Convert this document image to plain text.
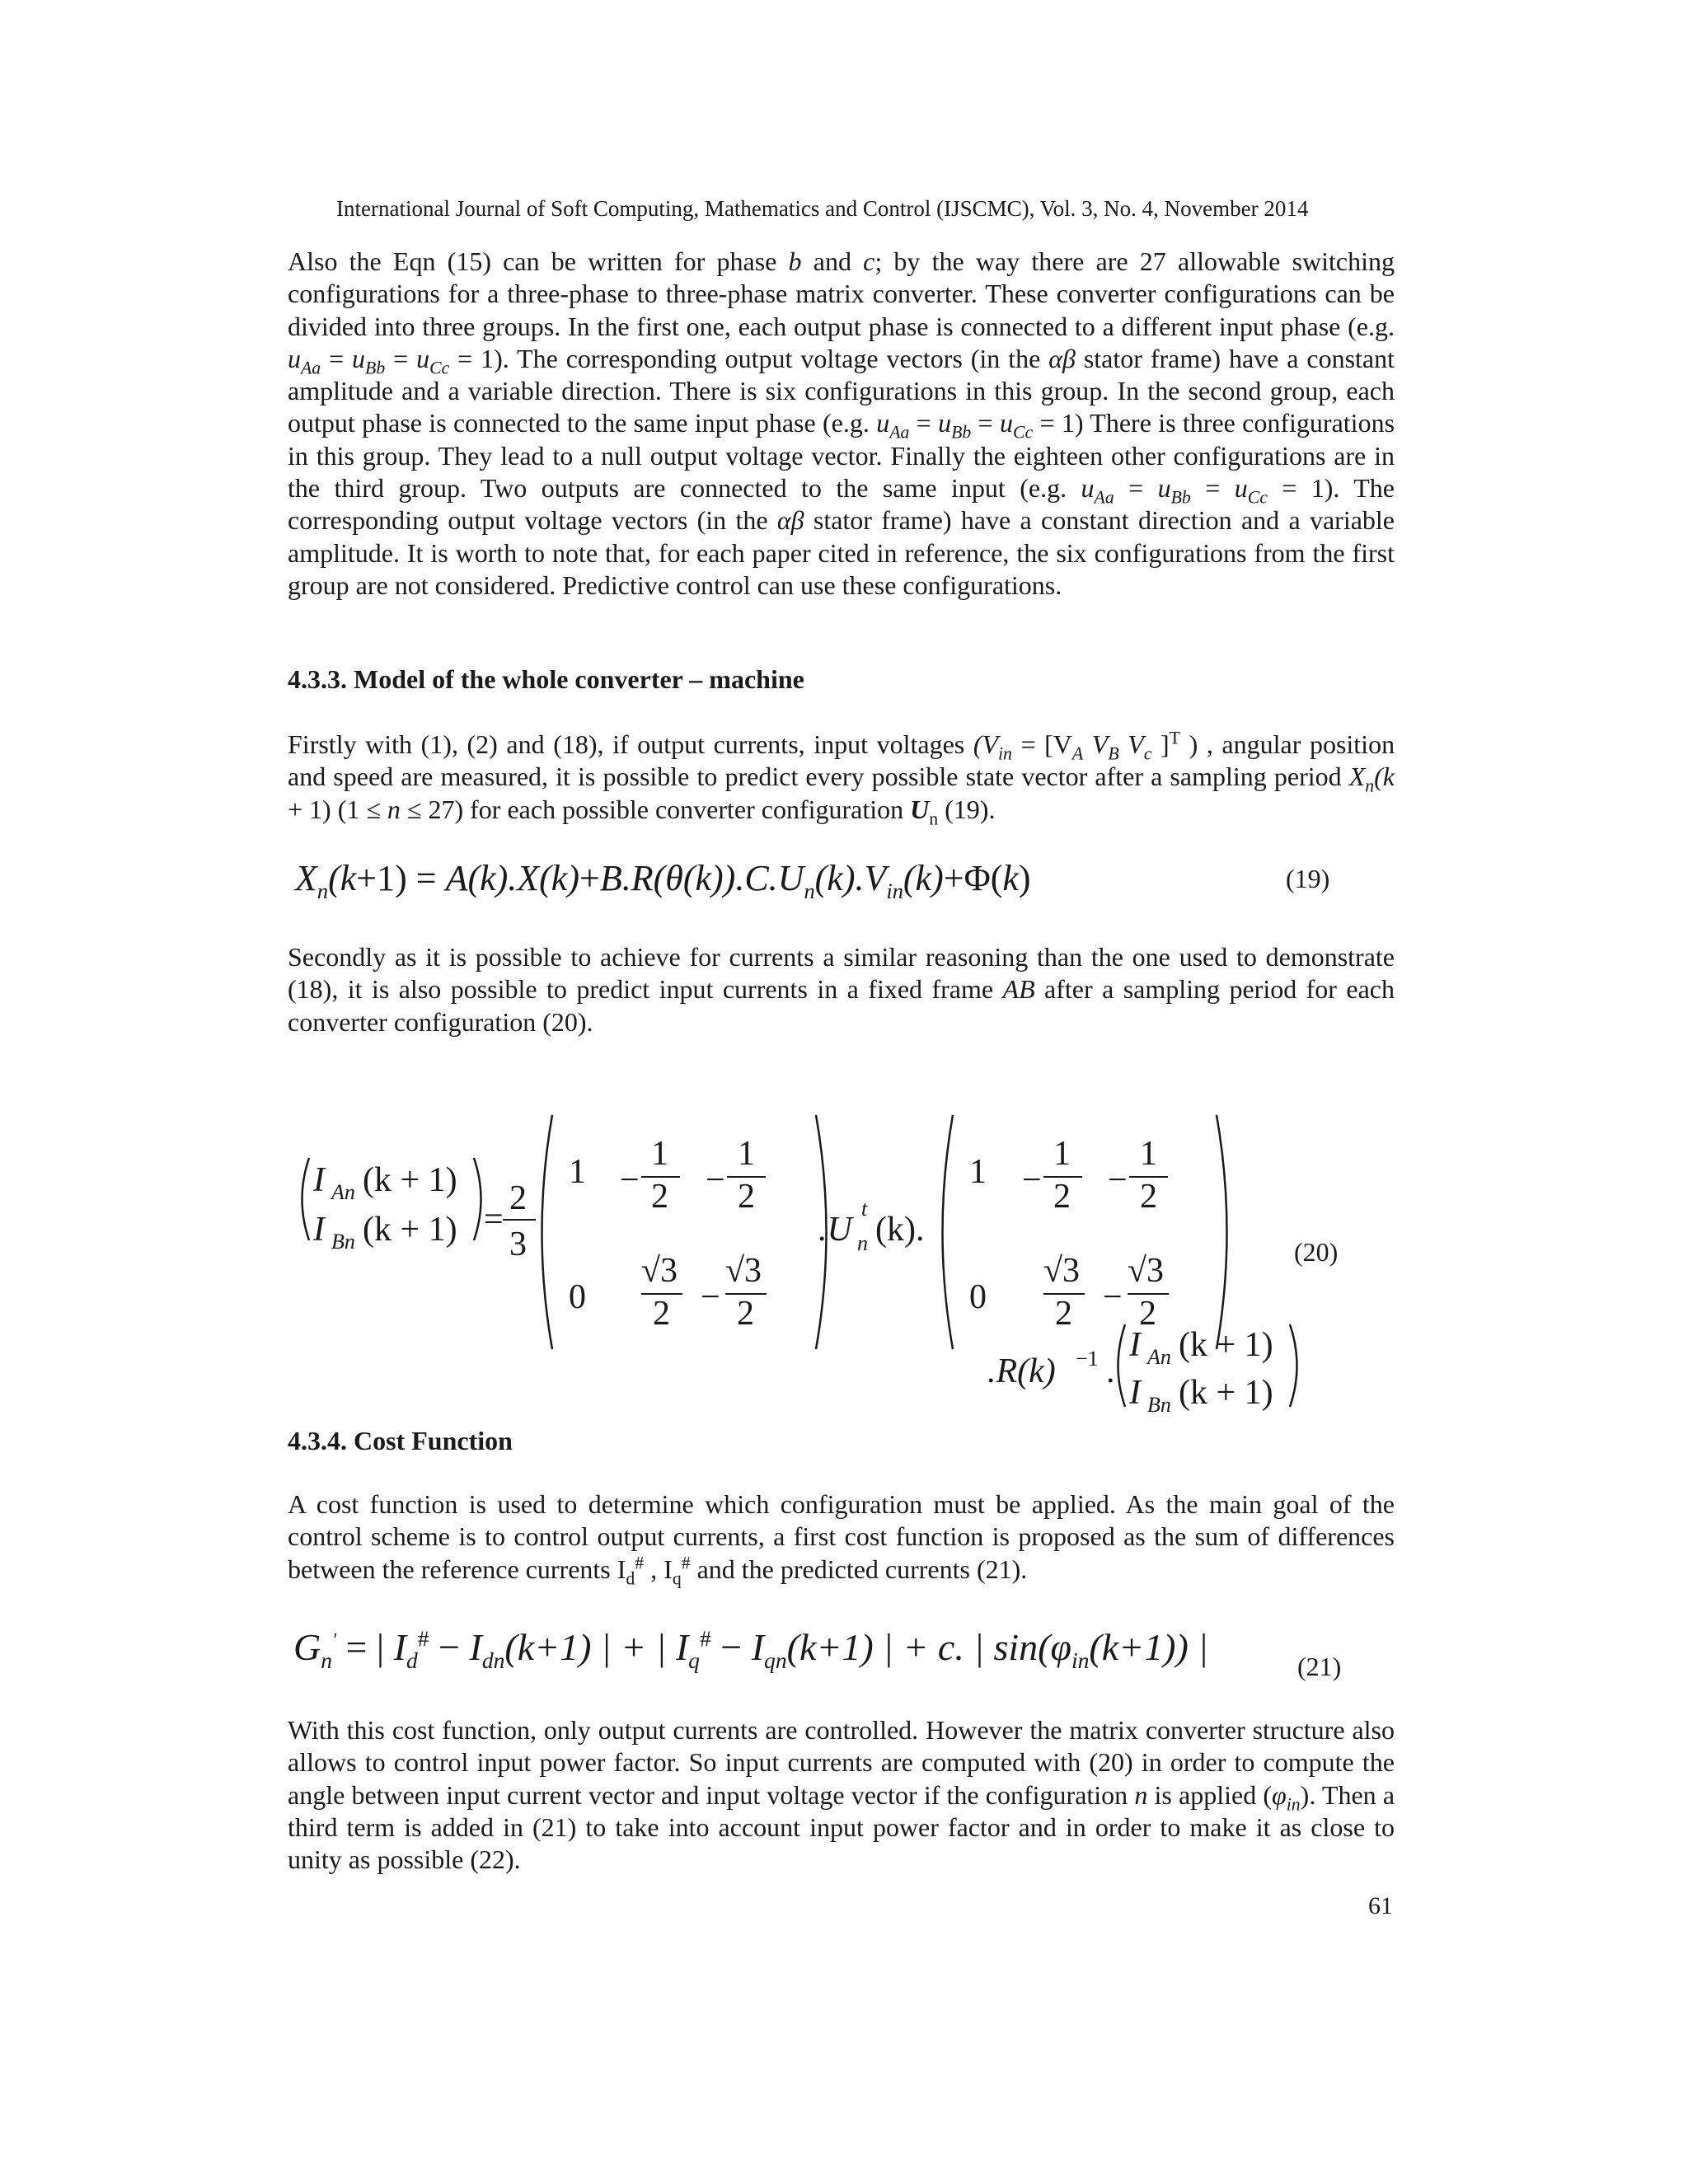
International Journal of Soft Computing, Mathematics and Control (IJSCMC), Vol. 3, No. 4, November 2014
Also the Eqn (15) can be written for phase b and c; by the way there are 27 allowable switching configurations for a three-phase to three-phase matrix converter. These converter configurations can be divided into three groups. In the first one, each output phase is connected to a different input phase (e.g. $u_{Aa} = u_{Bb} = u_{Cc} = 1$). The corresponding output voltage vectors (in the αβ stator frame) have a constant amplitude and a variable direction. There is six configurations in this group. In the second group, each output phase is connected to the same input phase (e.g. $u_{Aa} = u_{Bb} = u_{Cc} = 1$) There is three configurations in this group. They lead to a null output voltage vector. Finally the eighteen other configurations are in the third group. Two outputs are connected to the same input (e.g. $u_{Aa} = u_{Bb} = u_{Cc} = 1$). The corresponding output voltage vectors (in the αβ stator frame) have a constant direction and a variable amplitude. It is worth to note that, for each paper cited in reference, the six configurations from the first group are not considered. Predictive control can use these configurations.
4.3.3. Model of the whole converter – machine
Firstly with (1), (2) and (18), if output currents, input voltages ($V_{in} = [V_A$ $V_B$ $V_c$ ]$^T$ ) , angular position and speed are measured, it is possible to predict every possible state vector after a sampling period $X_n(k + 1) (1 \le n \le 27)$ for each possible converter configuration $U_n$ (19).
$X_n(k+1) = A(k).X(k)+B.R(\theta(k)).C.U_n(k).V_{in}(k)+\Phi(k)$	(19)
Secondly as it is possible to achieve for currents a similar reasoning than the one used to demonstrate (18), it is also possible to predict input currents in a fixed frame AB after a sampling period for each converter configuration (20).
I An (k + 1)
I Bn (k + 1) =
2
3
1 −
1
2 −
1
2
0
√3
2 −
√3
2
.U
t
n (k).
1 −
1
2 −
1
2
0
√3
2 −
√3
2
.R(k) −1 .
I An (k + 1)
I Bn (k + 1)
(20)
4.3.4. Cost Function
A cost function is used to determine which configuration must be applied. As the main goal of the control scheme is to control output currents, a first cost function is proposed as the sum of differences between the reference currents $I_d^{\#}$ , $I_q^{\#}$ and the predicted currents (21).
$G_n'$ = | $I_d^{\#} - I_{dn}(k+1)$ | + | $I_q^{\#} - I_{qn}(k+1)$ | + c. | $\sin(\varphi_{in}(k+1))$ |	(21)
With this cost function, only output currents are controlled. However the matrix converter structure also allows to control input power factor. So input currents are computed with (20) in order to compute the angle between input current vector and input voltage vector if the configuration n is applied $(\varphi_{in})$. Then a third term is added in (21) to take into account input power factor and in order to make it as close to unity as possible (22).
61
